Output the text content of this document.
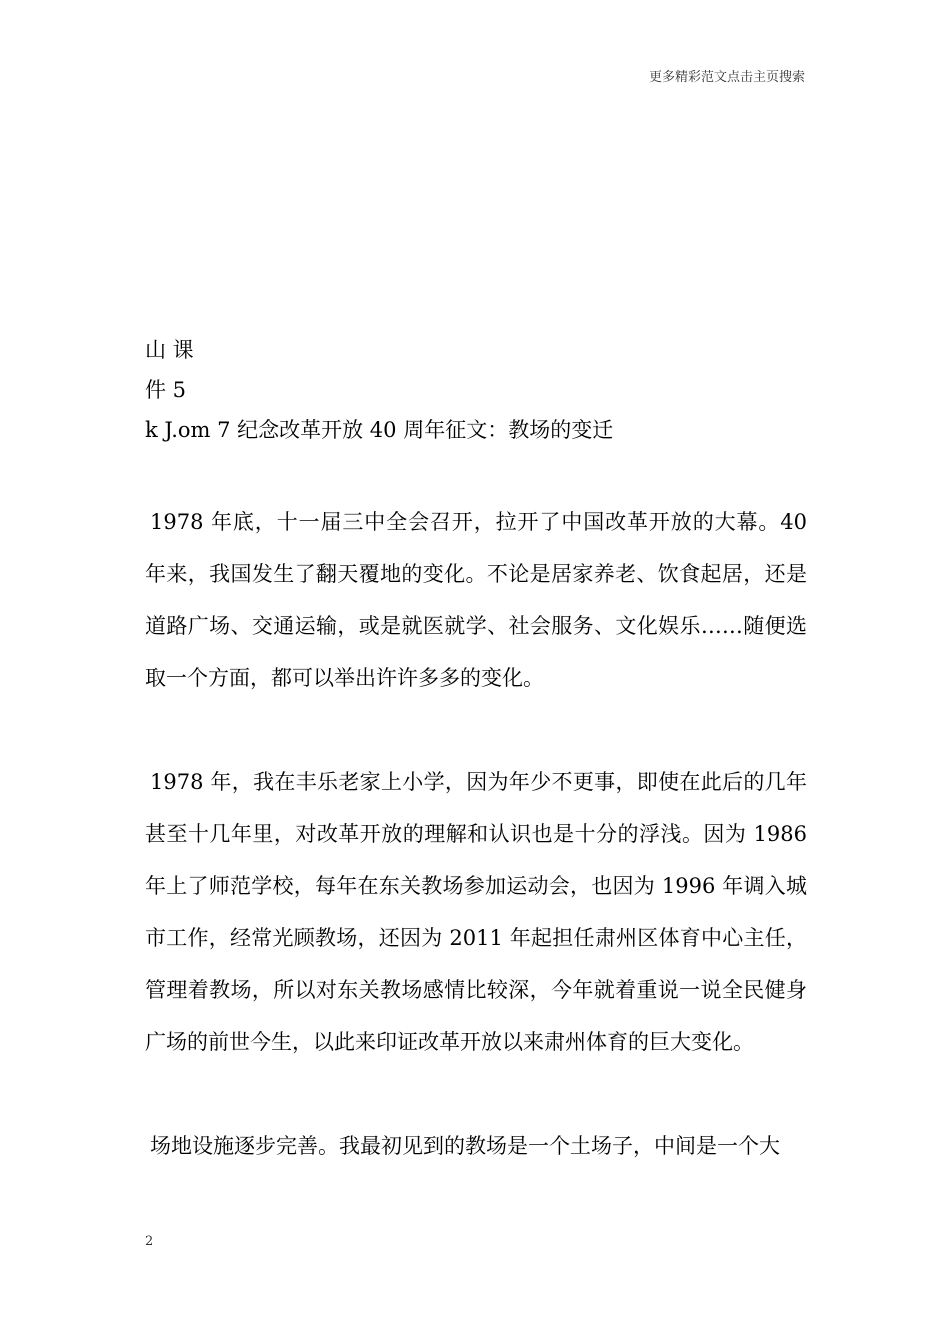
更多精彩范文点击主页搜索
山 课
件 5
k J.om 7 纪念改革开放 40 周年征文：教场的变迁

1978 年底，十一届三中全会召开，拉开了中国改革开放的大幕。40 年来，我国发生了翻天覆地的变化。不论是居家养老、饮食起居，还是道路广场、交通运输，或是就医就学、社会服务、文化娱乐……随便选取一个方面，都可以举出许许多多的变化。

1978 年，我在丰乐老家上小学，因为年少不更事，即使在此后的几年甚至十几年里，对改革开放的理解和认识也是十分的浮浅。因为 1986 年上了师范学校，每年在东关教场参加运动会，也因为 1996 年调入城市工作，经常光顾教场，还因为 2011 年起担任肃州区体育中心主任，管理着教场，所以对东关教场感情比较深，今年就着重说一说全民健身广场的前世今生，以此来印证改革开放以来肃州体育的巨大变化。

场地设施逐步完善。我最初见到的教场是一个土场子，中间是一个大

2
